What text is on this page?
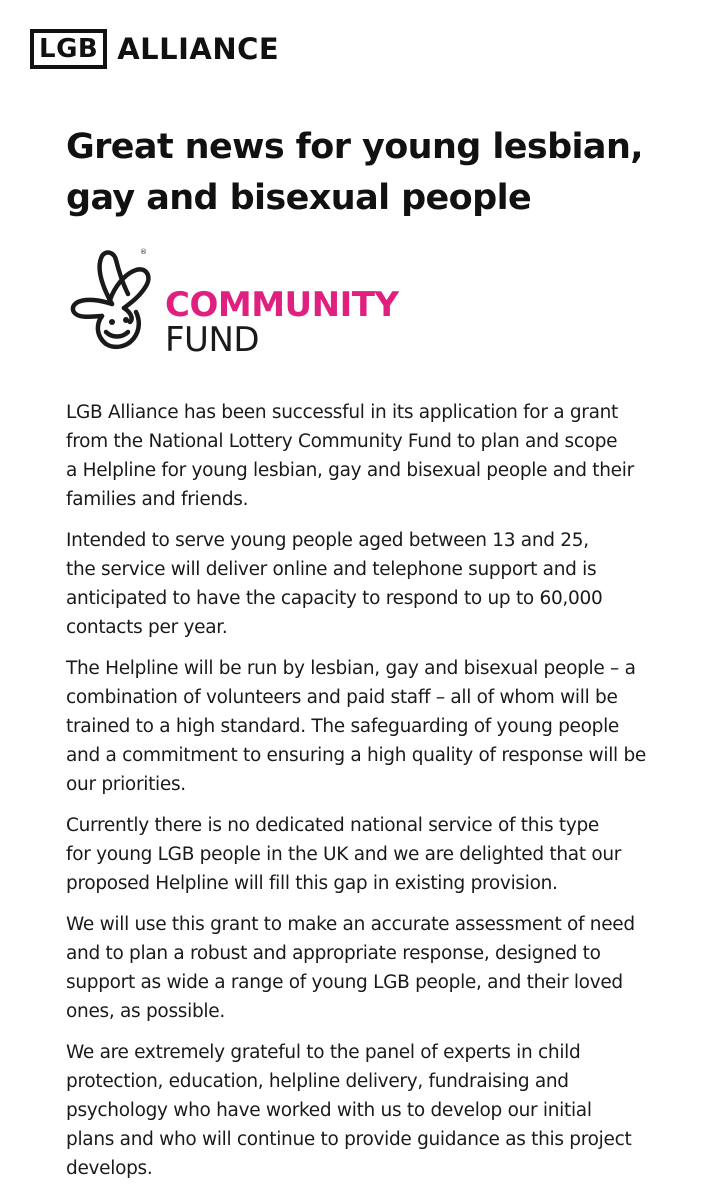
LGB ALLIANCE
Great news for young lesbian,
gay and bisexual people
®
COMMUNITY
FUND

LGB Alliance has been successful in its application for a grant
from the National Lottery Community Fund to plan and scope
a Helpline for young lesbian, gay and bisexual people and their
families and friends.

Intended to serve young people aged between 13 and 25,
the service will deliver online and telephone support and is
anticipated to have the capacity to respond to up to 60,000
contacts per year.

The Helpline will be run by lesbian, gay and bisexual people – a
combination of volunteers and paid staff – all of whom will be
trained to a high standard. The safeguarding of young people
and a commitment to ensuring a high quality of response will be
our priorities.

Currently there is no dedicated national service of this type
for young LGB people in the UK and we are delighted that our
proposed Helpline will fill this gap in existing provision.

We will use this grant to make an accurate assessment of need
and to plan a robust and appropriate response, designed to
support as wide a range of young LGB people, and their loved
ones, as possible.

We are extremely grateful to the panel of experts in child
protection, education, helpline delivery, fundraising and
psychology who have worked with us to develop our initial
plans and who will continue to provide guidance as this project
develops.
